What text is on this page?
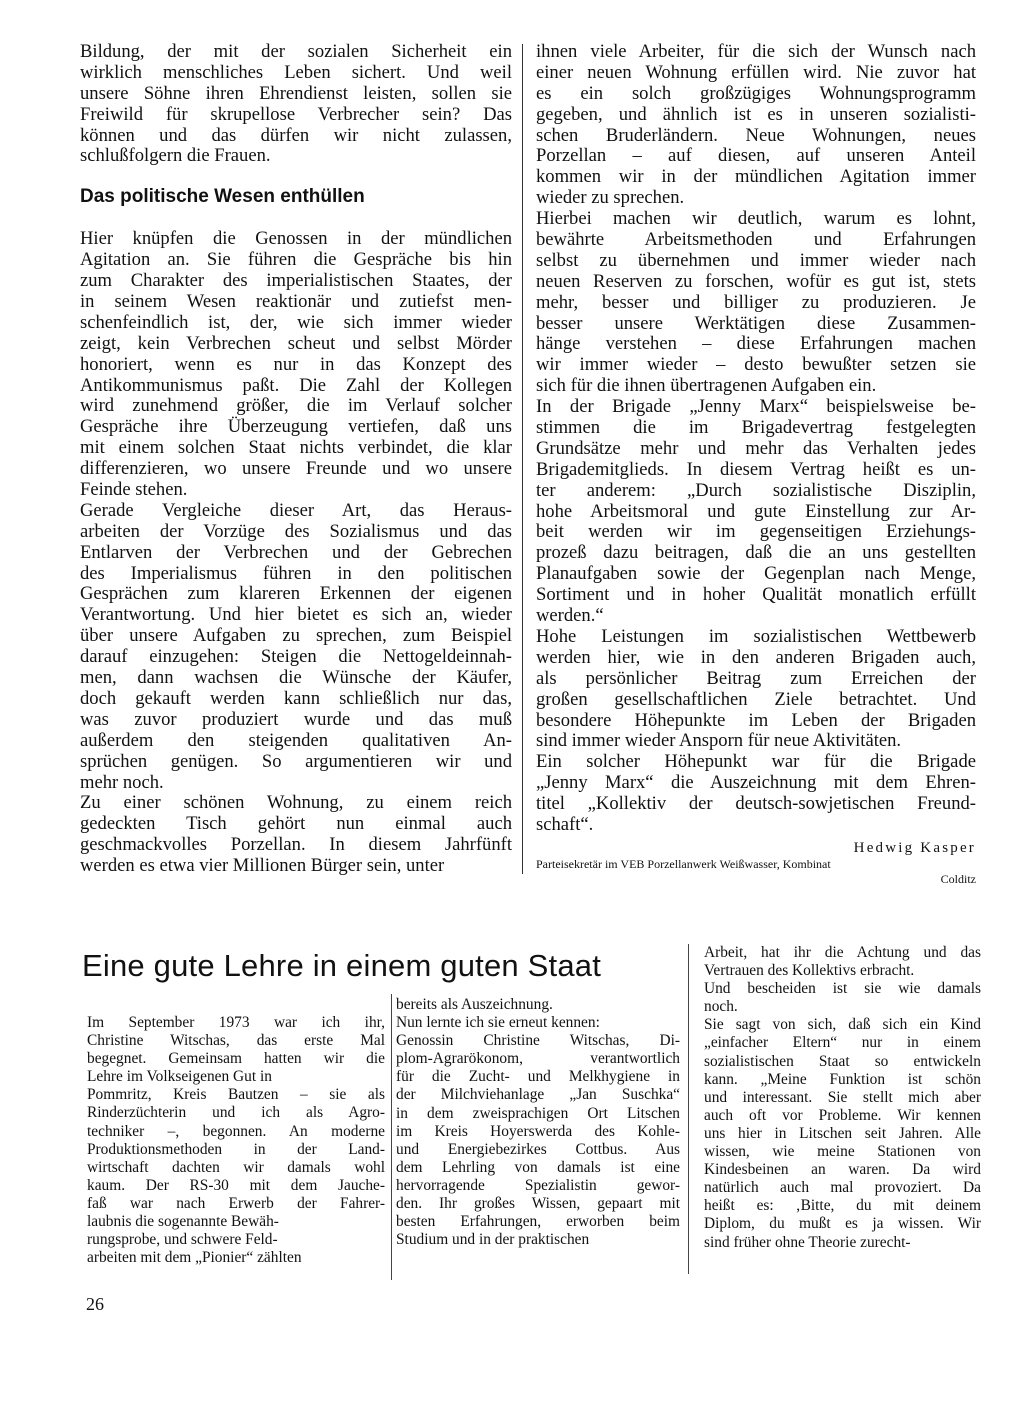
Bildung, der mit der sozialen Sicherheit ein
wirklich menschliches Leben sichert. Und weil
unsere Söhne ihren Ehrendienst leisten, sollen sie
Freiwild für skrupellose Verbrecher sein? Das
können und das dürfen wir nicht zulassen,
schlußfolgern die Frauen.
Das politische Wesen enthüllen
Hier knüpfen die Genossen in der mündlichen
Agitation an. Sie führen die Gespräche bis hin
zum Charakter des imperialistischen Staates, der
in seinem Wesen reaktionär und zutiefst men-
schenfeindlich ist, der, wie sich immer wieder
zeigt, kein Verbrechen scheut und selbst Mörder
honoriert, wenn es nur in das Konzept des
Antikommunismus paßt. Die Zahl der Kollegen
wird zunehmend größer, die im Verlauf solcher
Gespräche ihre Überzeugung vertiefen, daß uns
mit einem solchen Staat nichts verbindet, die klar
differenzieren, wo unsere Freunde und wo unsere
Feinde stehen.
Gerade Vergleiche dieser Art, das Heraus-
arbeiten der Vorzüge des Sozialismus und das
Entlarven der Verbrechen und der Gebrechen
des Imperialismus führen in den politischen
Gesprächen zum klareren Erkennen der eigenen
Verantwortung. Und hier bietet es sich an, wieder
über unsere Aufgaben zu sprechen, zum Beispiel
darauf einzugehen: Steigen die Nettogeldeinnah-
men, dann wachsen die Wünsche der Käufer,
doch gekauft werden kann schließlich nur das,
was zuvor produziert wurde und das muß
außerdem den steigenden qualitativen An-
sprüchen genügen. So argumentieren wir und
mehr noch.
Zu einer schönen Wohnung, zu einem reich
gedeckten Tisch gehört nun einmal auch
geschmackvolles Porzellan. In diesem Jahrfünft
werden es etwa vier Millionen Bürger sein, unter
ihnen viele Arbeiter, für die sich der Wunsch nach
einer neuen Wohnung erfüllen wird. Nie zuvor hat
es ein solch großzügiges Wohnungsprogramm
gegeben, und ähnlich ist es in unseren sozialisti-
schen Bruderländern. Neue Wohnungen, neues
Porzellan – auf diesen, auf unseren Anteil
kommen wir in der mündlichen Agitation immer
wieder zu sprechen.
Hierbei machen wir deutlich, warum es lohnt,
bewährte Arbeitsmethoden und Erfahrungen
selbst zu übernehmen und immer wieder nach
neuen Reserven zu forschen, wofür es gut ist, stets
mehr, besser und billiger zu produzieren. Je
besser unsere Werktätigen diese Zusammen-
hänge verstehen – diese Erfahrungen machen
wir immer wieder – desto bewußter setzen sie
sich für die ihnen übertragenen Aufgaben ein.
In der Brigade „Jenny Marx“ beispielsweise be-
stimmen die im Brigadevertrag festgelegten
Grundsätze mehr und mehr das Verhalten jedes
Brigademitglieds. In diesem Vertrag heißt es un-
ter anderem: „Durch sozialistische Disziplin,
hohe Arbeitsmoral und gute Einstellung zur Ar-
beit werden wir im gegenseitigen Erziehungs-
prozeß dazu beitragen, daß die an uns gestellten
Planaufgaben sowie der Gegenplan nach Menge,
Sortiment und in hoher Qualität monatlich erfüllt
werden.“
Hohe Leistungen im sozialistischen Wettbewerb
werden hier, wie in den anderen Brigaden auch,
als persönlicher Beitrag zum Erreichen der
großen gesellschaftlichen Ziele betrachtet. Und
besondere Höhepunkte im Leben der Brigaden
sind immer wieder Ansporn für neue Aktivitäten.
Ein solcher Höhepunkt war für die Brigade
„Jenny Marx“ die Auszeichnung mit dem Ehren-
titel „Kollektiv der deutsch-sowjetischen Freund-
schaft“.
Hedwig Kasper
Parteisekretär im VEB Porzellanwerk Weißwasser, Kombinat
Colditz
Eine gute Lehre in einem guten Staat
Im September 1973 war ich ihr,
Christine Witschas, das erste Mal
begegnet. Gemeinsam hatten wir die
Lehre im Volkseigenen Gut in
Pommritz, Kreis Bautzen – sie als
Rinderzüchterin und ich als Agro-
techniker –, begonnen. An moderne
Produktionsmethoden in der Land-
wirtschaft dachten wir damals wohl
kaum. Der RS-30 mit dem Jauche-
faß war nach Erwerb der Fahrer-
laubnis die sogenannte Bewäh-
rungsprobe, und schwere Feld-
arbeiten mit dem „Pionier“ zählten
bereits als Auszeichnung.
Nun lernte ich sie erneut kennen:
Genossin Christine Witschas, Di-
plom-Agrarökonom, verantwortlich
für die Zucht- und Melkhygiene in
der Milchviehanlage „Jan Suschka“
in dem zweisprachigen Ort Litschen
im Kreis Hoyerswerda des Kohle-
und Energiebezirkes Cottbus. Aus
dem Lehrling von damals ist eine
hervorragende Spezialistin gewor-
den. Ihr großes Wissen, gepaart mit
besten Erfahrungen, erworben beim
Studium und in der praktischen
Arbeit, hat ihr die Achtung und das
Vertrauen des Kollektivs erbracht.
Und bescheiden ist sie wie damals
noch.
Sie sagt von sich, daß sich ein Kind
„einfacher Eltern“ nur in einem
sozialistischen Staat so entwickeln
kann. „Meine Funktion ist schön
und interessant. Sie stellt mich aber
auch oft vor Probleme. Wir kennen
uns hier in Litschen seit Jahren. Alle
wissen, wie meine Stationen von
Kindesbeinen an waren. Da wird
natürlich auch mal provoziert. Da
heißt es: ‚Bitte, du mit deinem
Diplom, du mußt es ja wissen. Wir
sind früher ohne Theorie zurecht-
26
